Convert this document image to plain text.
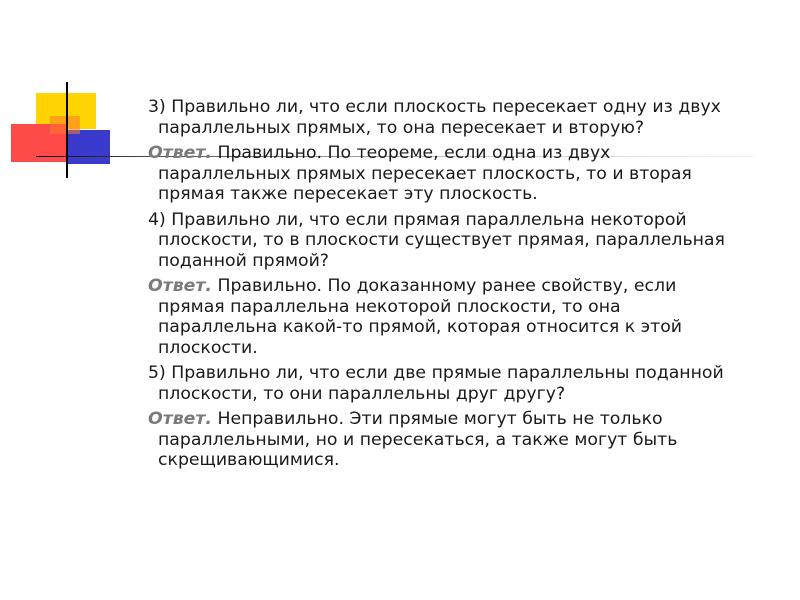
3) Правильно ли, что если плоскость пересекает одну из двух параллельных прямых, то она пересекает и вторую?

Ответ. Правильно. По теореме, если одна из двух параллельных прямых пересекает плоскость, то и вторая прямая также пересекает эту плоскость.

4) Правильно ли, что если прямая параллельна некоторой плоскости, то в плоскости существует прямая, параллельная поданной прямой?

Ответ. Правильно. По доказанному ранее свойству, если прямая параллельна некоторой плоскости, то она параллельна какой-то прямой, которая относится к этой плоскости.

5) Правильно ли, что если две прямые параллельны поданной плоскости, то они параллельны друг другу?

Ответ. Неправильно. Эти прямые могут быть не только параллельными, но и пересекаться, а также могут быть скрещивающимися.
